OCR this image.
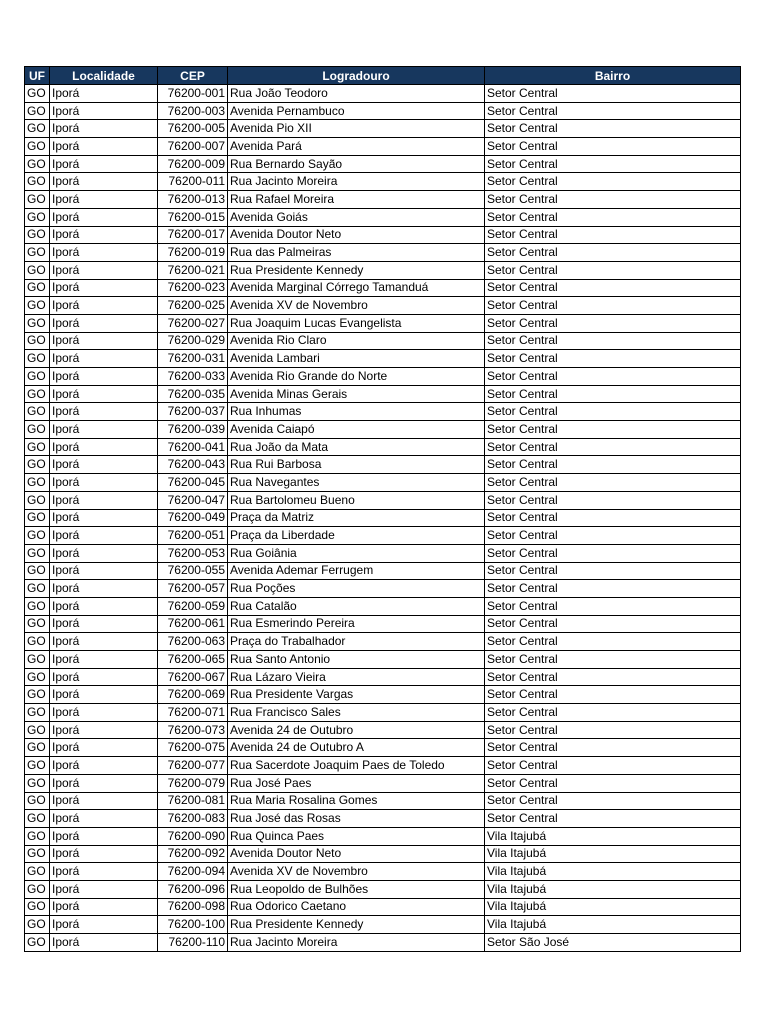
UF	Localidade	CEP	Logradouro	Bairro
GO	Iporá	76200-001	Rua João Teodoro	Setor Central
GO	Iporá	76200-003	Avenida Pernambuco	Setor Central
GO	Iporá	76200-005	Avenida Pio XII	Setor Central
GO	Iporá	76200-007	Avenida Pará	Setor Central
GO	Iporá	76200-009	Rua Bernardo Sayão	Setor Central
GO	Iporá	76200-011	Rua Jacinto Moreira	Setor Central
GO	Iporá	76200-013	Rua Rafael Moreira	Setor Central
GO	Iporá	76200-015	Avenida Goiás	Setor Central
GO	Iporá	76200-017	Avenida Doutor Neto	Setor Central
GO	Iporá	76200-019	Rua das Palmeiras	Setor Central
GO	Iporá	76200-021	Rua Presidente Kennedy	Setor Central
GO	Iporá	76200-023	Avenida Marginal Córrego Tamanduá	Setor Central
GO	Iporá	76200-025	Avenida XV de Novembro	Setor Central
GO	Iporá	76200-027	Rua Joaquim Lucas Evangelista	Setor Central
GO	Iporá	76200-029	Avenida Rio Claro	Setor Central
GO	Iporá	76200-031	Avenida Lambari	Setor Central
GO	Iporá	76200-033	Avenida Rio Grande do Norte	Setor Central
GO	Iporá	76200-035	Avenida Minas Gerais	Setor Central
GO	Iporá	76200-037	Rua Inhumas	Setor Central
GO	Iporá	76200-039	Avenida Caiapó	Setor Central
GO	Iporá	76200-041	Rua João da Mata	Setor Central
GO	Iporá	76200-043	Rua Rui Barbosa	Setor Central
GO	Iporá	76200-045	Rua Navegantes	Setor Central
GO	Iporá	76200-047	Rua Bartolomeu Bueno	Setor Central
GO	Iporá	76200-049	Praça da Matriz	Setor Central
GO	Iporá	76200-051	Praça da Liberdade	Setor Central
GO	Iporá	76200-053	Rua Goiânia	Setor Central
GO	Iporá	76200-055	Avenida Ademar Ferrugem	Setor Central
GO	Iporá	76200-057	Rua Poções	Setor Central
GO	Iporá	76200-059	Rua Catalão	Setor Central
GO	Iporá	76200-061	Rua Esmerindo Pereira	Setor Central
GO	Iporá	76200-063	Praça do Trabalhador	Setor Central
GO	Iporá	76200-065	Rua Santo Antonio	Setor Central
GO	Iporá	76200-067	Rua Lázaro Vieira	Setor Central
GO	Iporá	76200-069	Rua Presidente Vargas	Setor Central
GO	Iporá	76200-071	Rua Francisco Sales	Setor Central
GO	Iporá	76200-073	Avenida 24 de Outubro	Setor Central
GO	Iporá	76200-075	Avenida 24 de Outubro A	Setor Central
GO	Iporá	76200-077	Rua Sacerdote Joaquim Paes de Toledo	Setor Central
GO	Iporá	76200-079	Rua José Paes	Setor Central
GO	Iporá	76200-081	Rua Maria Rosalina Gomes	Setor Central
GO	Iporá	76200-083	Rua José das Rosas	Setor Central
GO	Iporá	76200-090	Rua Quinca Paes	Vila Itajubá
GO	Iporá	76200-092	Avenida Doutor Neto	Vila Itajubá
GO	Iporá	76200-094	Avenida XV de Novembro	Vila Itajubá
GO	Iporá	76200-096	Rua Leopoldo de Bulhões	Vila Itajubá
GO	Iporá	76200-098	Rua Odorico Caetano	Vila Itajubá
GO	Iporá	76200-100	Rua Presidente Kennedy	Vila Itajubá
GO	Iporá	76200-110	Rua Jacinto Moreira	Setor São José
